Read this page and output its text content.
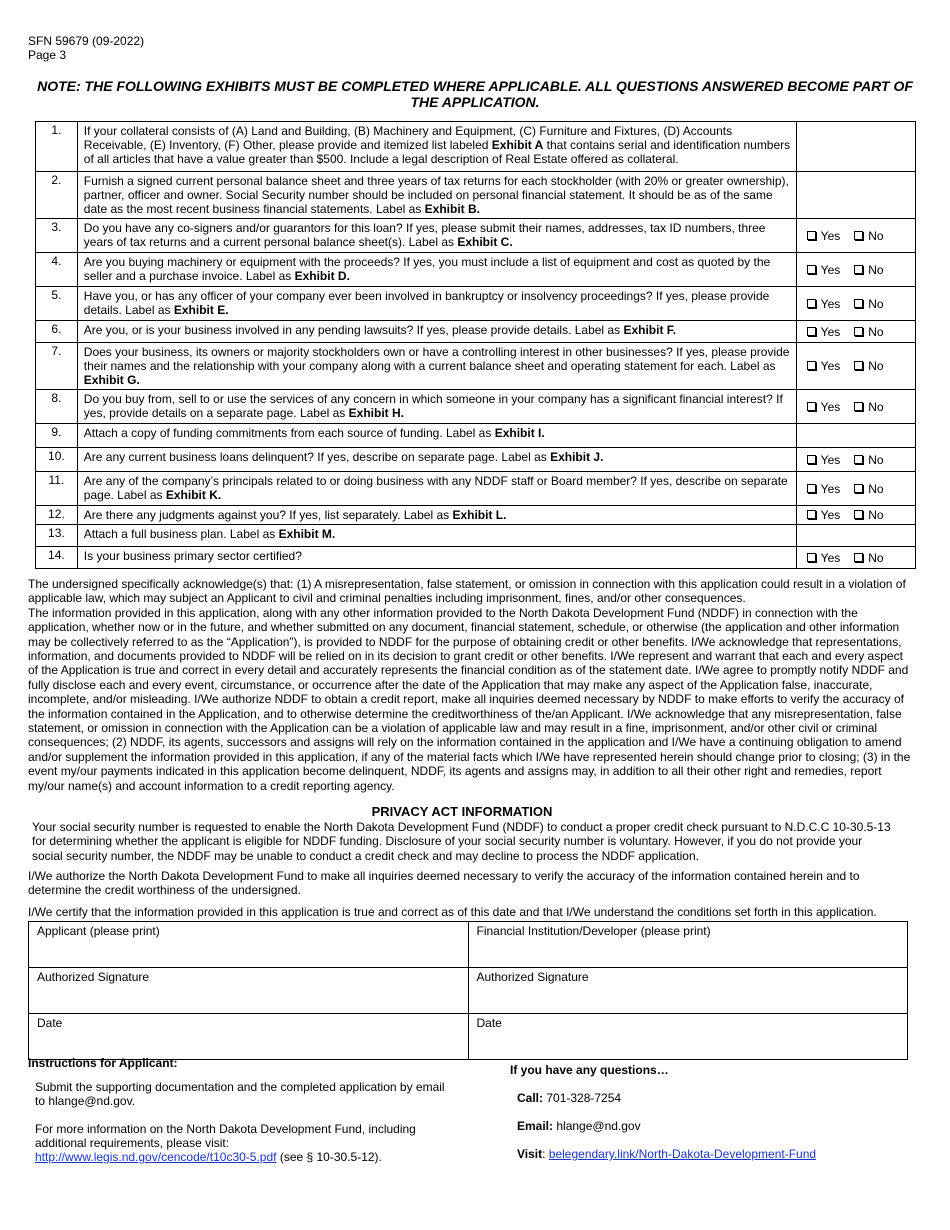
SFN 59679 (09-2022)
Page 3
NOTE: THE FOLLOWING EXHIBITS MUST BE COMPLETED WHERE APPLICABLE. ALL QUESTIONS ANSWERED BECOME PART OF THE APPLICATION.
1.	If your collateral consists of (A) Land and Building, (B) Machinery and Equipment, (C) Furniture and Fixtures, (D) Accounts Receivable, (E) Inventory, (F) Other, please provide and itemized list labeled Exhibit A that contains serial and identification numbers of all articles that have a value greater than $500. Include a legal description of Real Estate offered as collateral.	
2.	Furnish a signed current personal balance sheet and three years of tax returns for each stockholder (with 20% or greater ownership), partner, officer and owner. Social Security number should be included on personal financial statement. It should be as of the same date as the most recent business financial statements. Label as Exhibit B.	
3.	Do you have any co-signers and/or guarantors for this loan? If yes, please submit their names, addresses, tax ID numbers, three years of tax returns and a current personal balance sheet(s). Label as Exhibit C.	Yes No
4.	Are you buying machinery or equipment with the proceeds? If yes, you must include a list of equipment and cost as quoted by the seller and a purchase invoice. Label as Exhibit D.	Yes No
5.	Have you, or has any officer of your company ever been involved in bankruptcy or insolvency proceedings? If yes, please provide details. Label as Exhibit E.	Yes No
6.	Are you, or is your business involved in any pending lawsuits? If yes, please provide details. Label as Exhibit F.	Yes No
7.	Does your business, its owners or majority stockholders own or have a controlling interest in other businesses? If yes, please provide their names and the relationship with your company along with a current balance sheet and operating statement for each. Label as Exhibit G.	Yes No
8.	Do you buy from, sell to or use the services of any concern in which someone in your company has a significant financial interest? If yes, provide details on a separate page. Label as Exhibit H.	Yes No
9.	Attach a copy of funding commitments from each source of funding. Label as Exhibit I.	
10.	Are any current business loans delinquent? If yes, describe on separate page. Label as Exhibit J.	Yes No
11.	Are any of the company’s principals related to or doing business with any NDDF staff or Board member? If yes, describe on separate page. Label as Exhibit K.	Yes No
12.	Are there any judgments against you? If yes, list separately. Label as Exhibit L.	Yes No
13.	Attach a full business plan. Label as Exhibit M.	
14.	Is your business primary sector certified?	Yes No
The undersigned specifically acknowledge(s) that: (1) A misrepresentation, false statement, or omission in connection with this application could result in a violation of applicable law, which may subject an Applicant to civil and criminal penalties including imprisonment, fines, and/or other consequences.
The information provided in this application, along with any other information provided to the North Dakota Development Fund (NDDF) in connection with the application, whether now or in the future, and whether submitted on any document, financial statement, schedule, or otherwise (the application and other information may be collectively referred to as the “Application”), is provided to NDDF for the purpose of obtaining credit or other benefits. I/We acknowledge that representations, information, and documents provided to NDDF will be relied on in its decision to grant credit or other benefits. I/We represent and warrant that each and every aspect of the Application is true and correct in every detail and accurately represents the financial condition as of the statement date. I/We agree to promptly notify NDDF and fully disclose each and every event, circumstance, or occurrence after the date of the Application that may make any aspect of the Application false, inaccurate, incomplete, and/or misleading. I/We authorize NDDF to obtain a credit report, make all inquiries deemed necessary by NDDF to make efforts to verify the accuracy of the information contained in the Application, and to otherwise determine the creditworthiness of the/an Applicant. I/We acknowledge that any misrepresentation, false statement, or omission in connection with the Application can be a violation of applicable law and may result in a fine, imprisonment, and/or other civil or criminal consequences; (2) NDDF, its agents, successors and assigns will rely on the information contained in the application and I/We have a continuing obligation to amend and/or supplement the information provided in this application, if any of the material facts which I/We have represented herein should change prior to closing; (3) in the event my/our payments indicated in this application become delinquent, NDDF, its agents and assigns may, in addition to all their other right and remedies, report my/our name(s) and account information to a credit reporting agency.
PRIVACY ACT INFORMATION
Your social security number is requested to enable the North Dakota Development Fund (NDDF) to conduct a proper credit check pursuant to N.D.C.C 10-30.5-13 for determining whether the applicant is eligible for NDDF funding. Disclosure of your social security number is voluntary. However, if you do not provide your social security number, the NDDF may be unable to conduct a credit check and may decline to process the NDDF application.
I/We authorize the North Dakota Development Fund to make all inquiries deemed necessary to verify the accuracy of the information contained herein and to determine the credit worthiness of the undersigned.
I/We certify that the information provided in this application is true and correct as of this date and that I/We understand the conditions set forth in this application.
Applicant (please print)	Financial Institution/Developer (please print)
Authorized Signature	Authorized Signature
Date	Date
Instructions for Applicant:

Submit the supporting documentation and the completed application by email to hlange@nd.gov.

For more information on the North Dakota Development Fund, including additional requirements, please visit:
http://www.legis.nd.gov/cencode/t10c30-5.pdf (see § 10-30.5-12).

If you have any questions…
Call: 701-328-7254
Email: hlange@nd.gov
Visit: belegendary.link/North-Dakota-Development-Fund
